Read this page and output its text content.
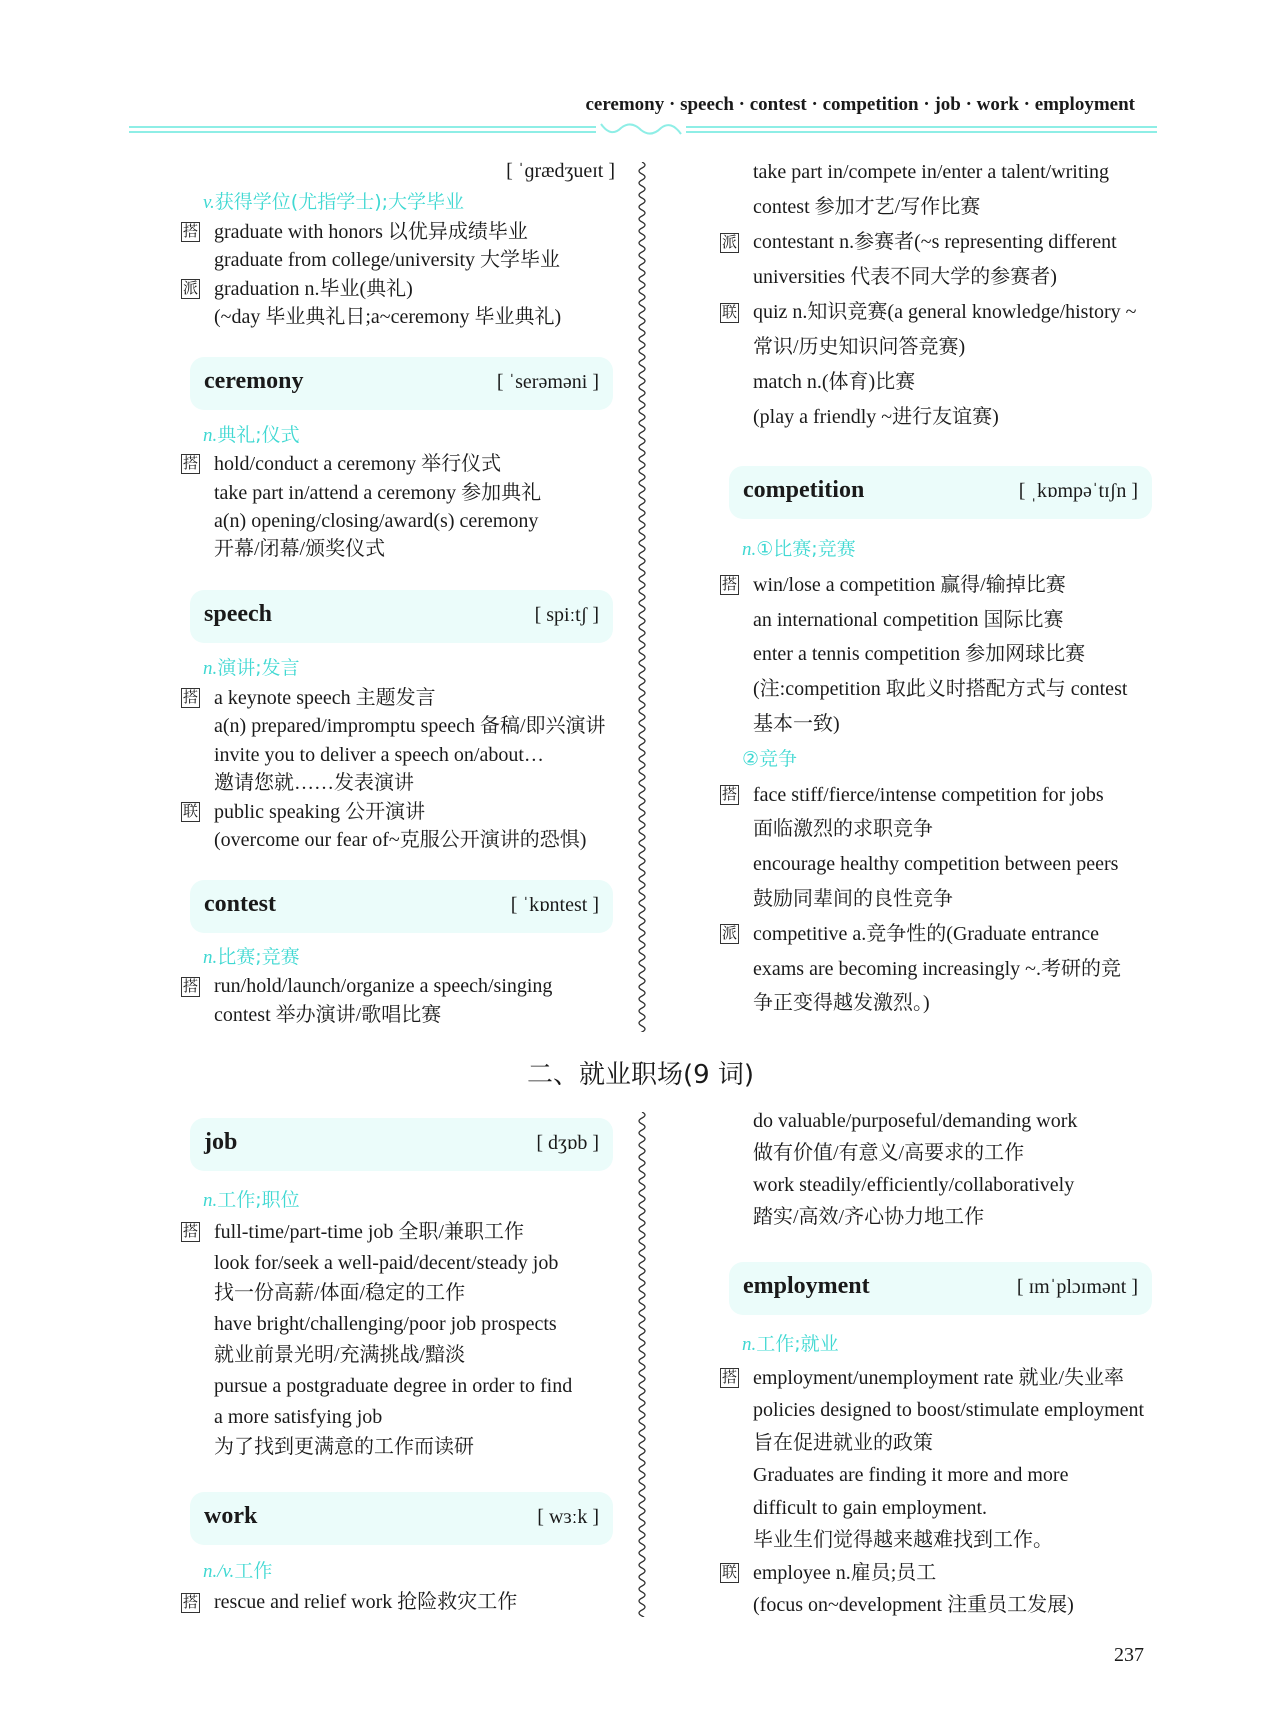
ceremony · speech · contest · competition · job · work · employment
[ ˈɡrædʒueɪt ]
v.获得学位(尤指学士);大学毕业
搭 graduate with honors 以优异成绩毕业
graduate from college/university 大学毕业
派 graduation n.毕业(典礼)
(~day 毕业典礼日;a~ceremony 毕业典礼)
ceremony	[ ˈserəməni ]
n.典礼;仪式
搭 hold/conduct a ceremony 举行仪式
take part in/attend a ceremony 参加典礼
a(n) opening/closing/award(s) ceremony
开幕/闭幕/颁奖仪式
speech	[ spiːtʃ ]
n.演讲;发言
搭 a keynote speech 主题发言
a(n) prepared/impromptu speech 备稿/即兴演讲
invite you to deliver a speech on/about…
邀请您就……发表演讲
联 public speaking 公开演讲
(overcome our fear of~克服公开演讲的恐惧)
contest	[ ˈkɒntest ]
n.比赛;竞赛
搭 run/hold/launch/organize a speech/singing
contest 举办演讲/歌唱比赛
take part in/compete in/enter a talent/writing
contest 参加才艺/写作比赛
派 contestant n.参赛者(~s representing different
universities 代表不同大学的参赛者)
联 quiz n.知识竞赛(a general knowledge/history ~
常识/历史知识问答竞赛)
match n.(体育)比赛
(play a friendly ~进行友谊赛)
competition	[ ˌkɒmpəˈtɪʃn ]
n.①比赛;竞赛
搭 win/lose a competition 赢得/输掉比赛
an international competition 国际比赛
enter a tennis competition 参加网球比赛
(注:competition 取此义时搭配方式与 contest
基本一致)
②竞争
搭 face stiff/fierce/intense competition for jobs
面临激烈的求职竞争
encourage healthy competition between peers
鼓励同辈间的良性竞争
派 competitive a.竞争性的(Graduate entrance
exams are becoming increasingly ~.考研的竞
争正变得越发激烈。)
二、就业职场(9 词)
job	[ dʒɒb ]
n.工作;职位
搭 full-time/part-time job 全职/兼职工作
look for/seek a well-paid/decent/steady job
找一份高薪/体面/稳定的工作
have bright/challenging/poor job prospects
就业前景光明/充满挑战/黯淡
pursue a postgraduate degree in order to find
a more satisfying job
为了找到更满意的工作而读研
work	[ wɜːk ]
n./v.工作
搭 rescue and relief work 抢险救灾工作
do valuable/purposeful/demanding work
做有价值/有意义/高要求的工作
work steadily/efficiently/collaboratively
踏实/高效/齐心协力地工作
employment	[ ɪmˈplɔɪmənt ]
n.工作;就业
搭 employment/unemployment rate 就业/失业率
policies designed to boost/stimulate employment
旨在促进就业的政策
Graduates are finding it more and more
difficult to gain employment.
毕业生们觉得越来越难找到工作。
联 employee n.雇员;员工
(focus on~development 注重员工发展)
237
